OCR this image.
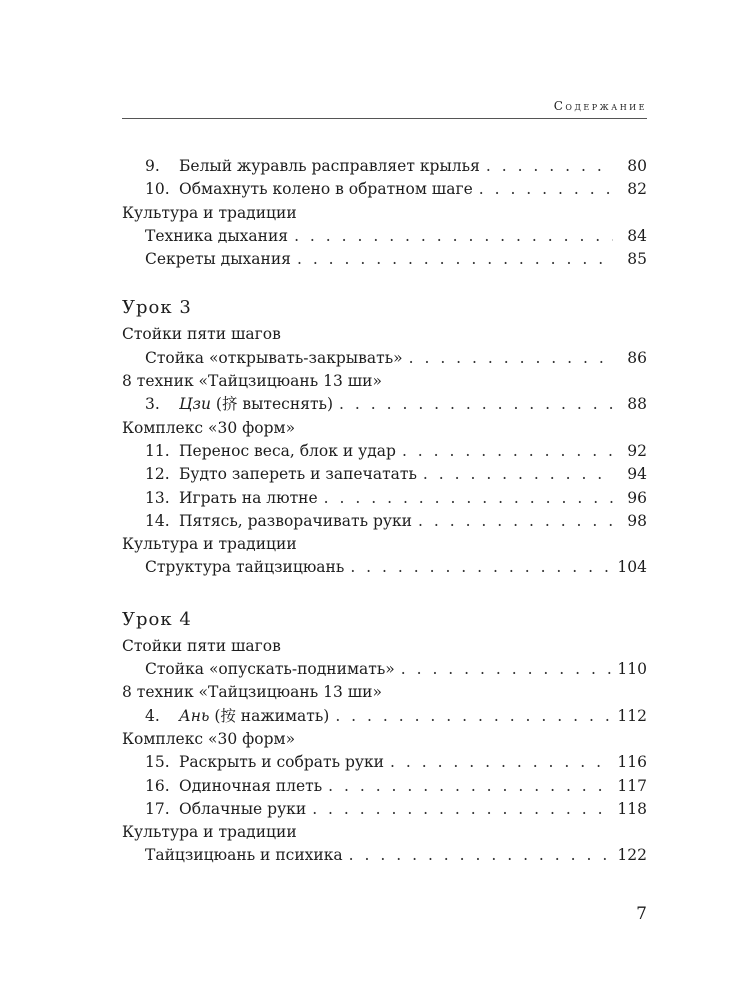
Содержание
9.	Белый журавль расправляет крылья . . .	80
10. Обмахнуть колено в обратном шаге . . .	82
Культура и традиции
Техника дыхания . . .	84
Секреты дыхания . . .	85
Урок 3
Стойки пяти шагов
Стойка «открывать-закрывать» . . .	86
8 техник «Тайцзицюань 13 ши»
3.	Цзи (挤 вытеснять) . . .	88
Комплекс «30 форм»
11. Перенос веса, блок и удар . . .	92
12. Будто запереть и запечатать . . .	94
13. Играть на лютне . . .	96
14. Пятясь, разворачивать руки . . .	98
Культура и традиции
Структура тайцзицюань . . .	104
Урок 4
Стойки пяти шагов
Стойка «опускать-поднимать» . . .	110
8 техник «Тайцзицюань 13 ши»
4.	Ань (按 нажимать) . . .	112
Комплекс «30 форм»
15. Раскрыть и собрать руки . . .	116
16. Одиночная плеть . . .	117
17. Облачные руки . . .	118
Культура и традиции
Тайцзицюань и психика . . .	122
7
